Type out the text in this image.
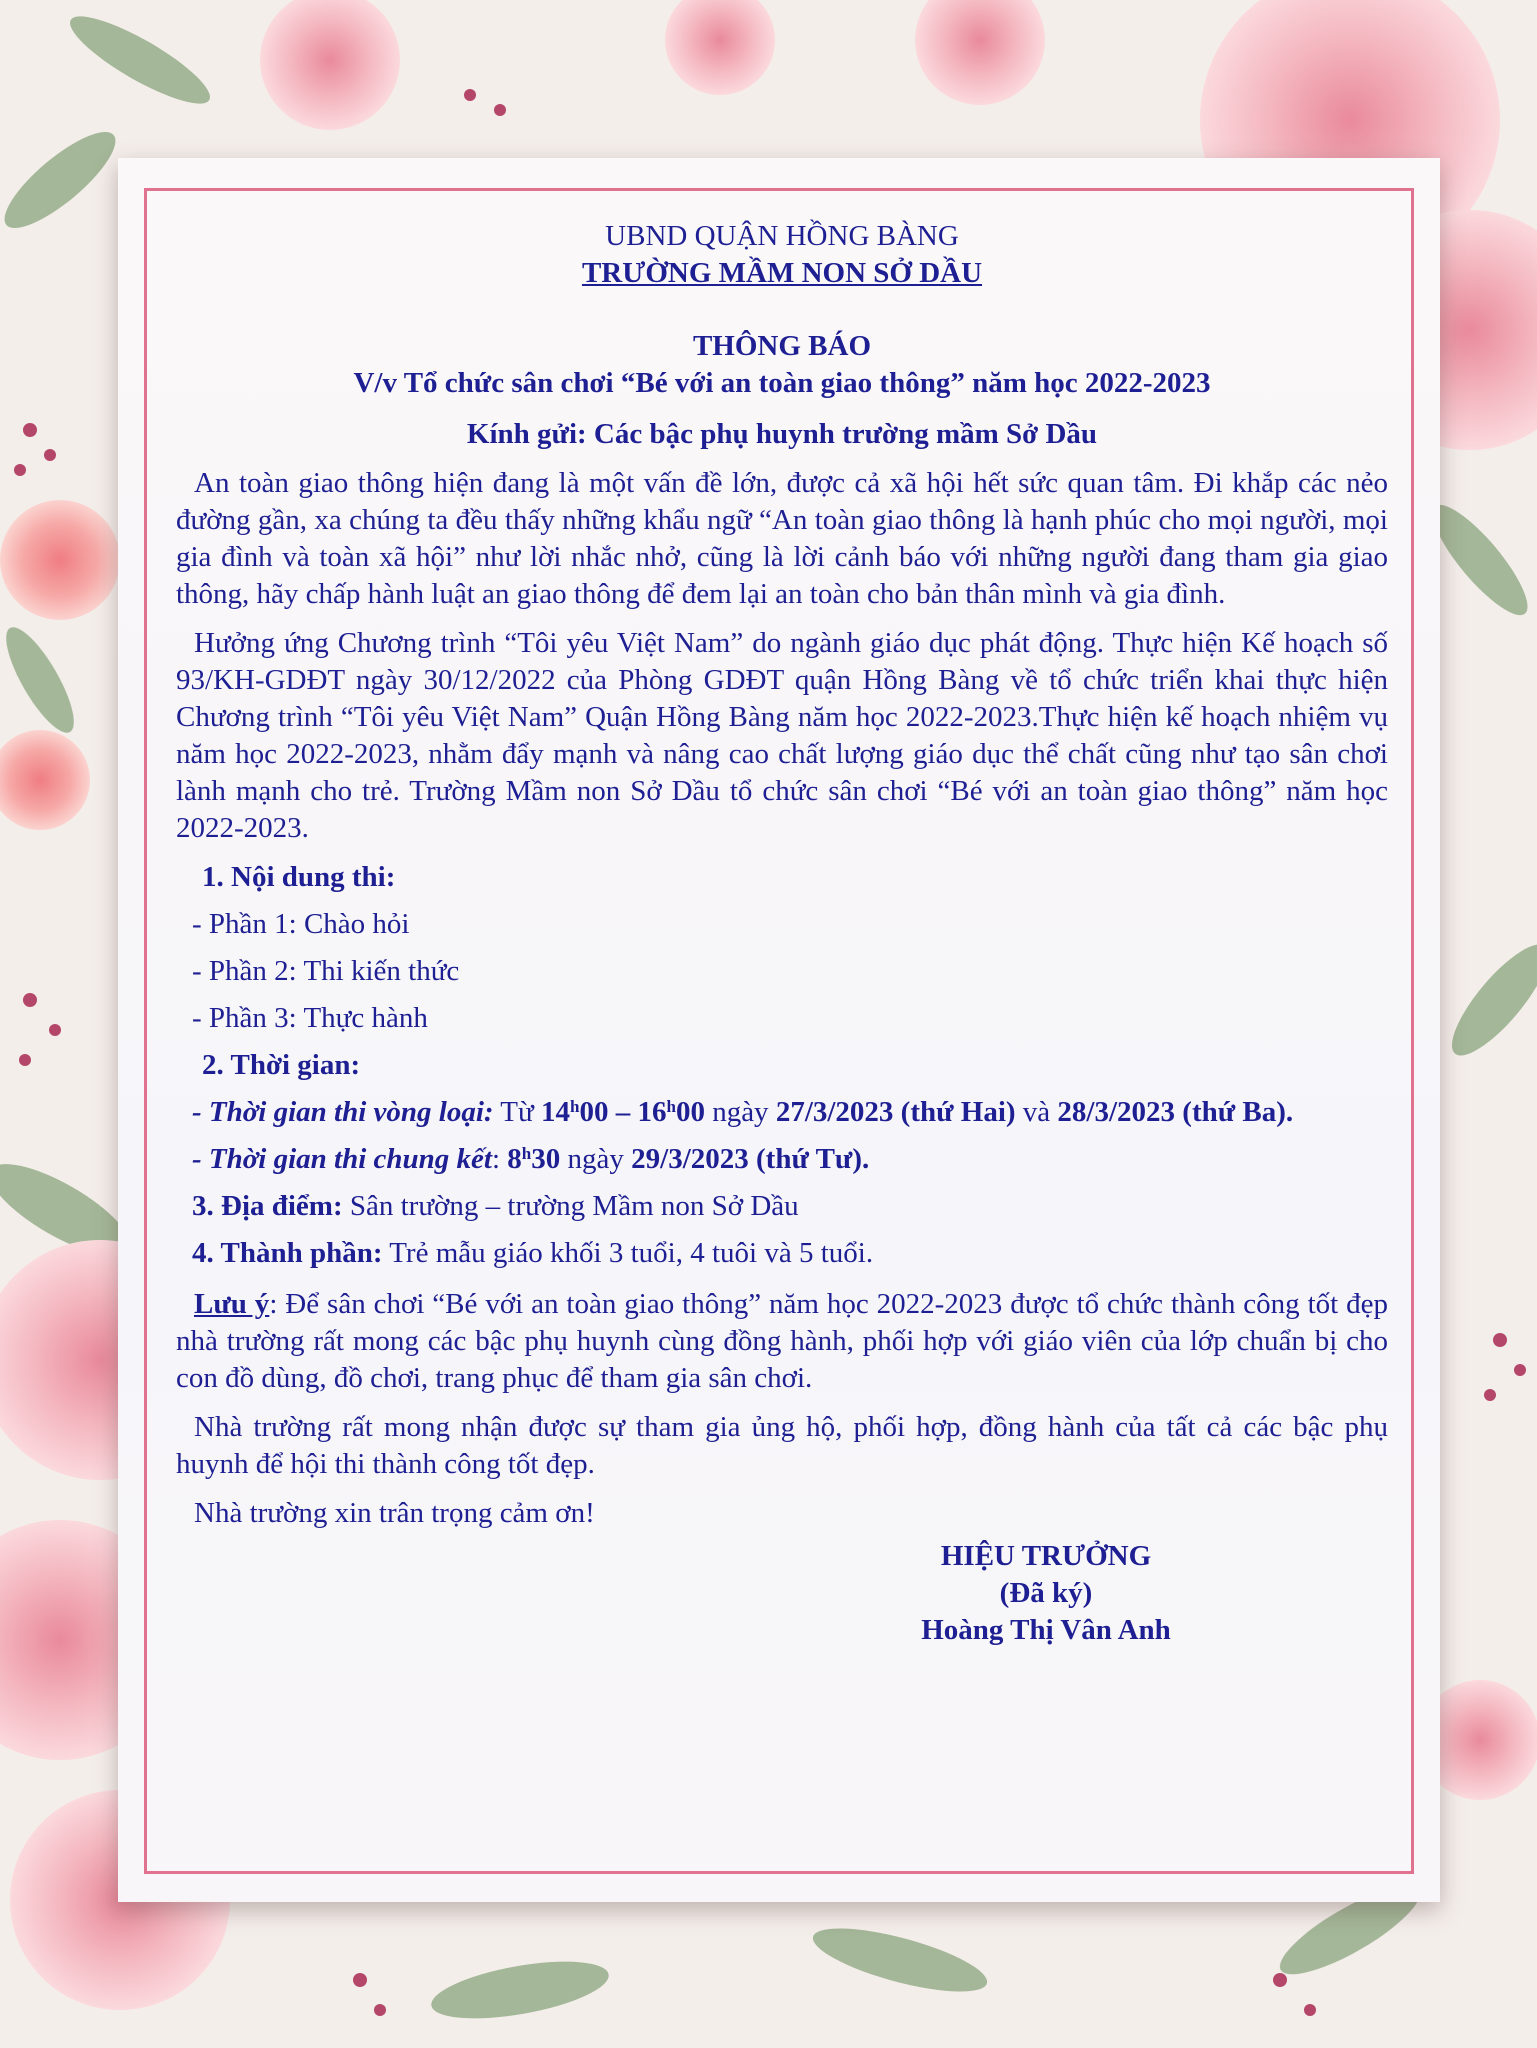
UBND QUẬN HỒNG BÀNG
TRƯỜNG MẦM NON SỞ DẦU
THÔNG BÁO
V/v Tổ chức sân chơi “Bé với an toàn giao thông” năm học 2022-2023
Kính gửi: Các bậc phụ huynh trường mầm Sở Dầu

An toàn giao thông hiện đang là một vấn đề lớn, được cả xã hội hết sức quan tâm. Đi khắp các nẻo đường gần, xa chúng ta đều thấy những khẩu ngữ “An toàn giao thông là hạnh phúc cho mọi người, mọi gia đình và toàn xã hội” như lời nhắc nhở, cũng là lời cảnh báo với những người đang tham gia giao thông, hãy chấp hành luật an giao thông để đem lại an toàn cho bản thân mình và gia đình.

Hưởng ứng Chương trình “Tôi yêu Việt Nam” do ngành giáo dục phát động. Thực hiện Kế hoạch số 93/KH-GDĐT ngày 30/12/2022 của Phòng GDĐT quận Hồng Bàng về tổ chức triển khai thực hiện Chương trình “Tôi yêu Việt Nam” Quận Hồng Bàng năm học 2022-2023.Thực hiện kế hoạch nhiệm vụ năm học 2022-2023, nhằm đẩy mạnh và nâng cao chất lượng giáo dục thể chất cũng như tạo sân chơi lành mạnh cho trẻ. Trường Mầm non Sở Dầu tổ chức sân chơi “Bé với an toàn giao thông” năm học 2022-2023.

1. Nội dung thi:
- Phần 1: Chào hỏi
- Phần 2: Thi kiến thức
- Phần 3: Thực hành
2. Thời gian:
- Thời gian thi vòng loại: Từ 14$^h$00 – 16$^h$00 ngày 27/3/2023 (thứ Hai) và 28/3/2023 (thứ Ba).
- Thời gian thi chung kết: 8$^h$30 ngày 29/3/2023 (thứ Tư).
3. Địa điểm: Sân trường – trường Mầm non Sở Dầu
4. Thành phần: Trẻ mẫu giáo khối 3 tuổi, 4 tuôi và 5 tuổi.

Lưu ý: Để sân chơi “Bé với an toàn giao thông” năm học 2022-2023 được tổ chức thành công tốt đẹp nhà trường rất mong các bậc phụ huynh cùng đồng hành, phối hợp với giáo viên của lớp chuẩn bị cho con đồ dùng, đồ chơi, trang phục để tham gia sân chơi.

Nhà trường rất mong nhận được sự tham gia ủng hộ, phối hợp, đồng hành của tất cả các bậc phụ huynh để hội thi thành công tốt đẹp.

Nhà trường xin trân trọng cảm ơn!

HIỆU TRƯỞNG
(Đã ký)
Hoàng Thị Vân Anh
